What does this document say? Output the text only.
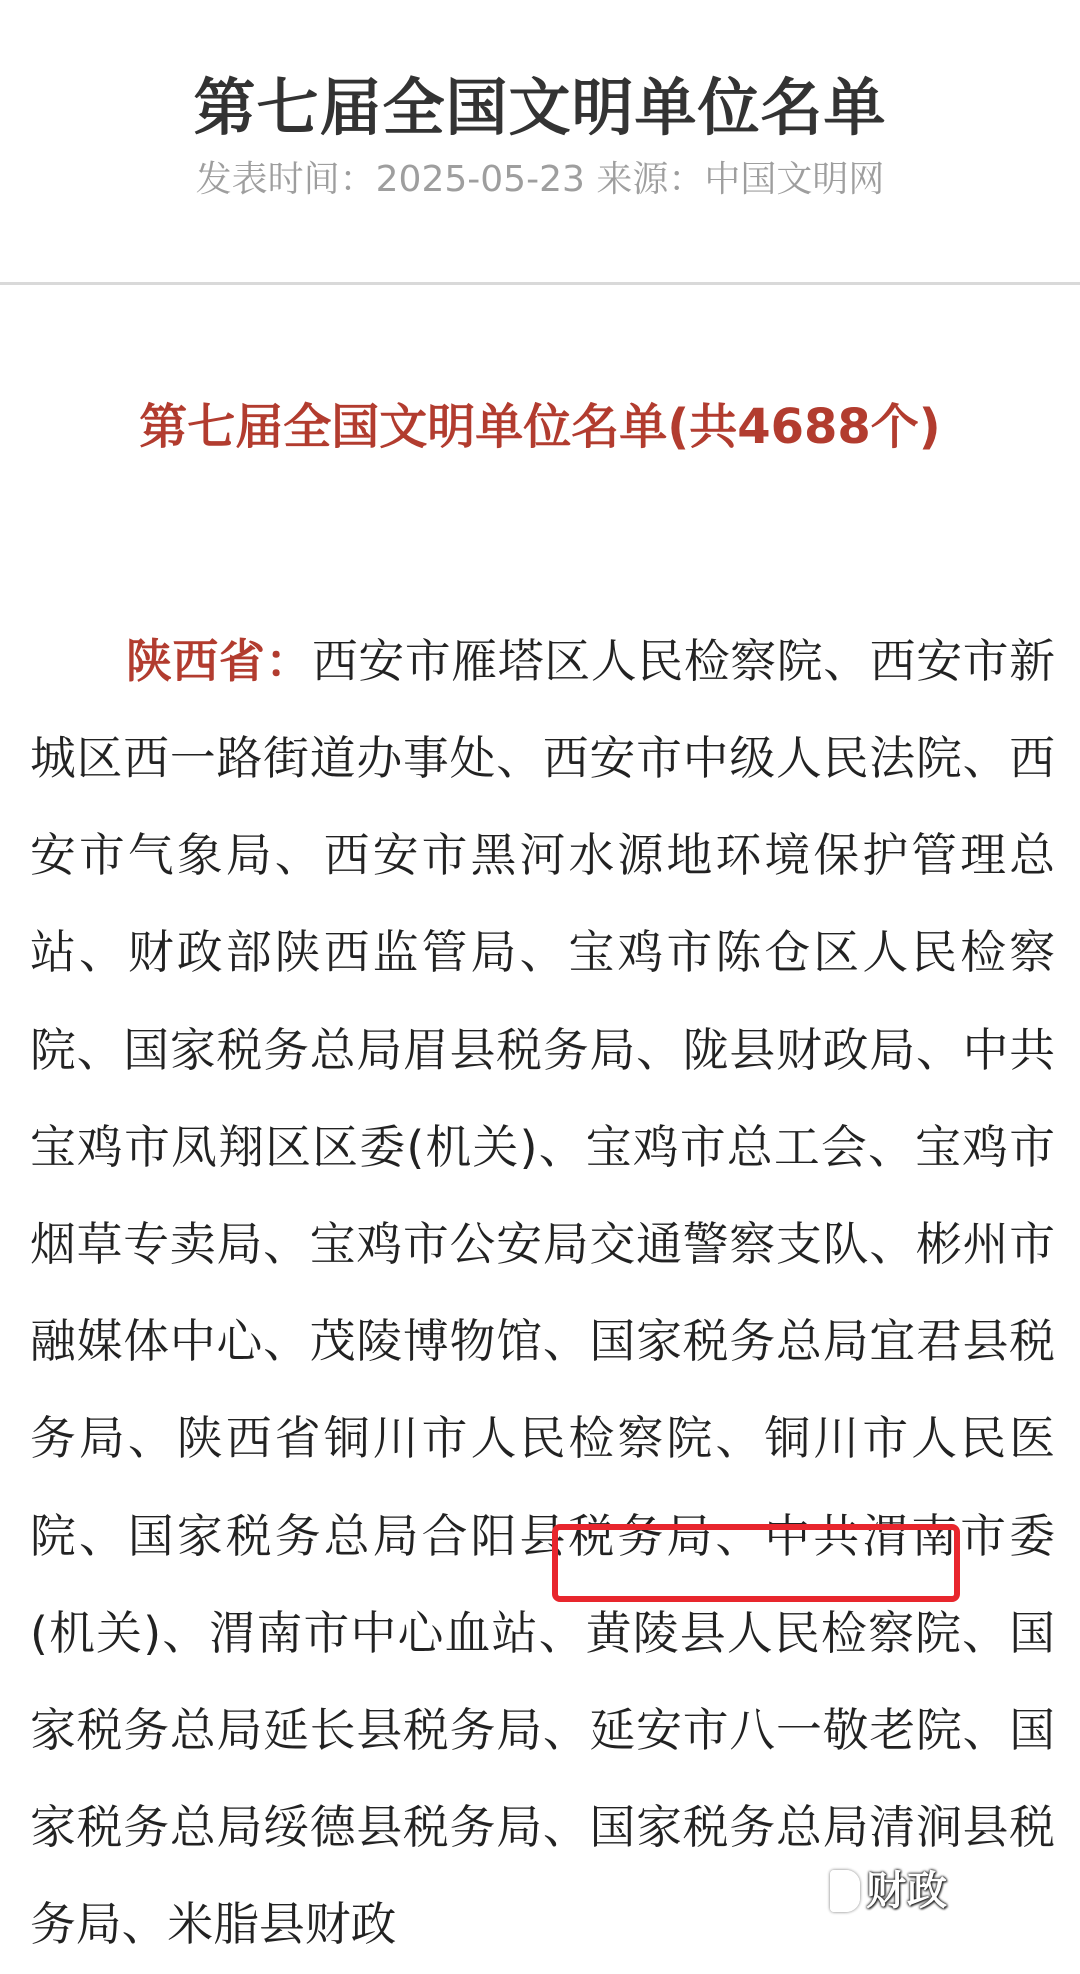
第七届全国文明单位名单
发表时间：2025-05-23 来源：中国文明网
第七届全国文明单位名单(共4688个)

陕西省：西安市雁塔区人民检察院、西安市新城区西一路街道办事处、西安市中级人民法院、西安市气象局、西安市黑河水源地环境保护管理总站、财政部陕西监管局、宝鸡市陈仓区人民检察院、国家税务总局眉县税务局、陇县财政局、中共宝鸡市凤翔区区委(机关)、宝鸡市总工会、宝鸡市烟草专卖局、宝鸡市公安局交通警察支队、彬州市融媒体中心、茂陵博物馆、国家税务总局宜君县税务局、陕西省铜川市人民检察院、铜川市人民医院、国家税务总局合阳县税务局、中共渭南市委(机关)、渭南市中心血站、黄陵县人民检察院、国家税务总局延长县税务局、延安市八一敬老院、国家税务总局绥德县税务局、国家税务总局清涧县税务局、米脂县财政

财政
